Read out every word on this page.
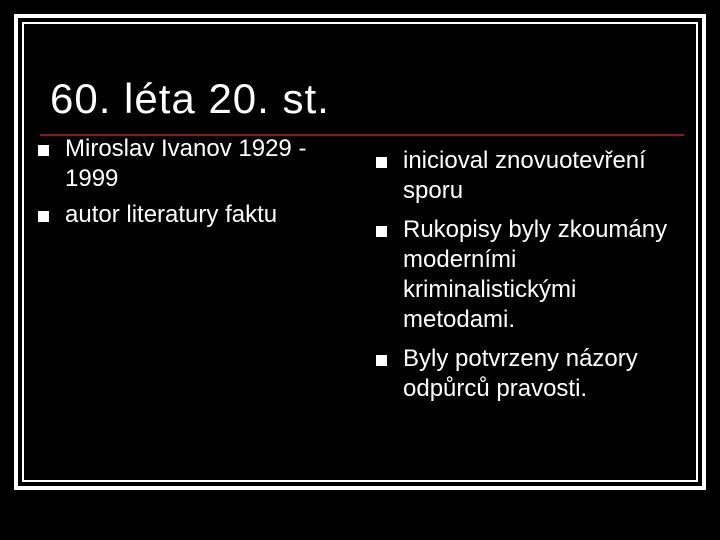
60. léta 20. st.
Miroslav Ivanov 1929 - 1999
autor literatury faktu
inicioval znovuotevření sporu
Rukopisy byly zkoumány moderními kriminalistickými metodami.
Byly potvrzeny názory odpůrců pravosti.
